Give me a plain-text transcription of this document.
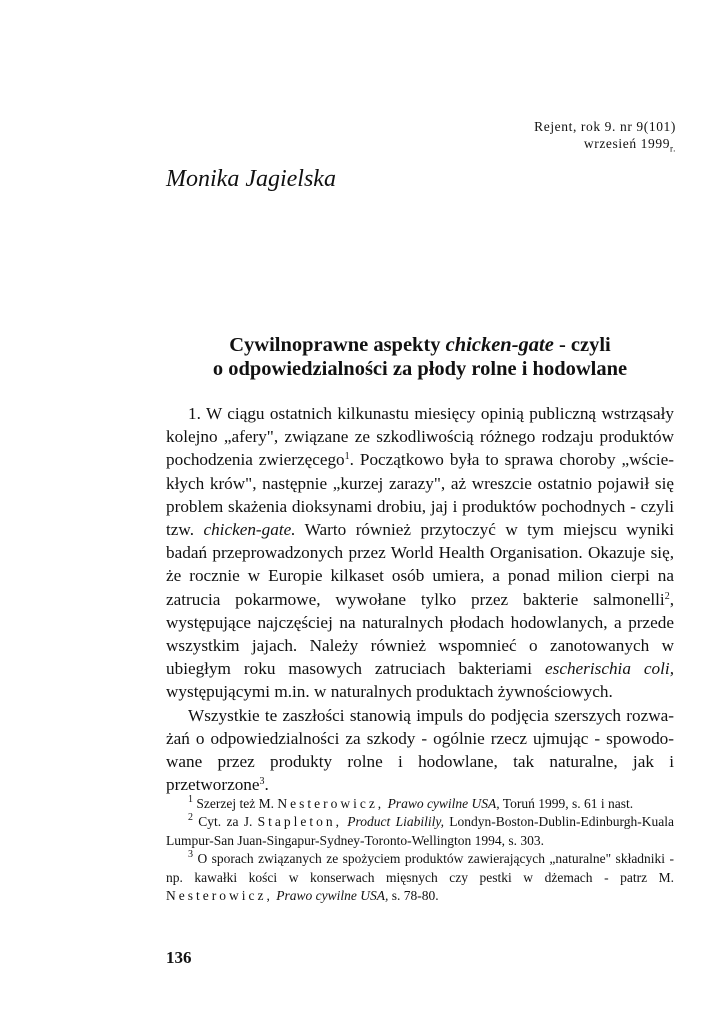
Rejent, rok 9. nr 9(101)
wrzesień $1999_{r.}$
Monika Jagielska
Cywilnoprawne aspekty chicken-gate - czyli
o odpowiedzialności za płody rolne i hodowlane

1. W ciągu ostatnich kilkunastu miesięcy opinią publiczną wstrząsały kolejno „afery", związane ze szkodliwością różnego rodzaju produktów pochodzenia zwierzęcego$^1$. Początkowo była to sprawa choroby „wściekłych krów", następnie „kurzej zarazy", aż wreszcie ostatnio pojawił się problem skażenia dioksynami drobiu, jaj i produktów pochodnych - czyli tzw. chicken-gate. Warto również przytoczyć w tym miejscu wyniki badań przeprowadzonych przez World Health Organisation. Okazuje się, że rocznie w Europie kilkaset osób umiera, a ponad milion cierpi na zatrucia pokarmowe, wywołane tylko przez bakterie salmonelli$^2$, występujące najczęściej na naturalnych płodach hodowlanych, a przede wszystkim jajach. Należy również wspomnieć o zanotowanych w ubiegłym roku masowych zatruciach bakteriami escherischia coli, występującymi m.in. w naturalnych produktach żywnościowych.

Wszystkie te zaszłości stanowią impuls do podjęcia szerszych rozważań o odpowiedzialności za szkody - ogólnie rzecz ujmując - spowodowane przez produkty rolne i hodowlane, tak naturalne, jak i przetworzone$^3$.

$^1$ Szerzej też M. Nesterowicz, Prawo cywilne USA, Toruń 1999, s. 61 i nast.

$^2$ Cyt. za J. Stapleton, Product Liabilily, Londyn-Boston-Dublin-Edinburgh-Kuala Lumpur-San Juan-Singapur-Sydney-Toronto-Wellington 1994, s. 303.

$^3$ O sporach związanych ze spożyciem produktów zawierających „naturalne" składniki - np. kawałki kości w konserwach mięsnych czy pestki w dżemach - patrz M. Nesterowicz, Prawo cywilne USA, s. 78-80.

136
